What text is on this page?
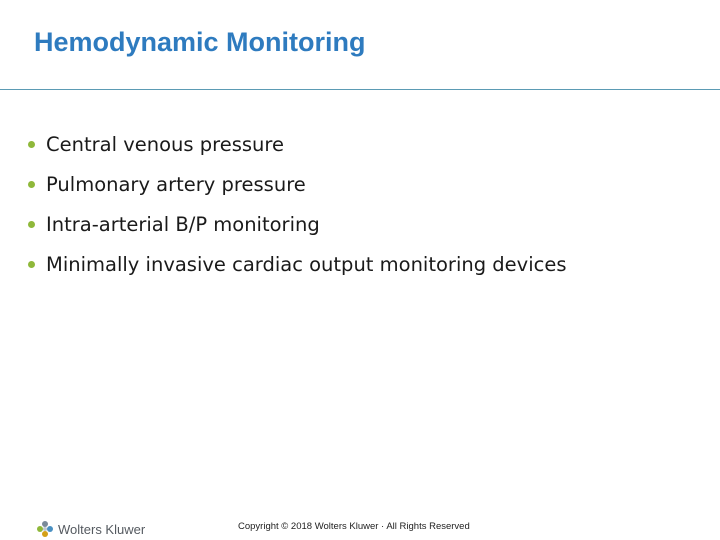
Hemodynamic Monitoring
Central venous pressure
Pulmonary artery pressure
Intra-arterial B/P monitoring
Minimally invasive cardiac output monitoring devices
Wolters Kluwer	Copyright © 2018 Wolters Kluwer · All Rights Reserved
